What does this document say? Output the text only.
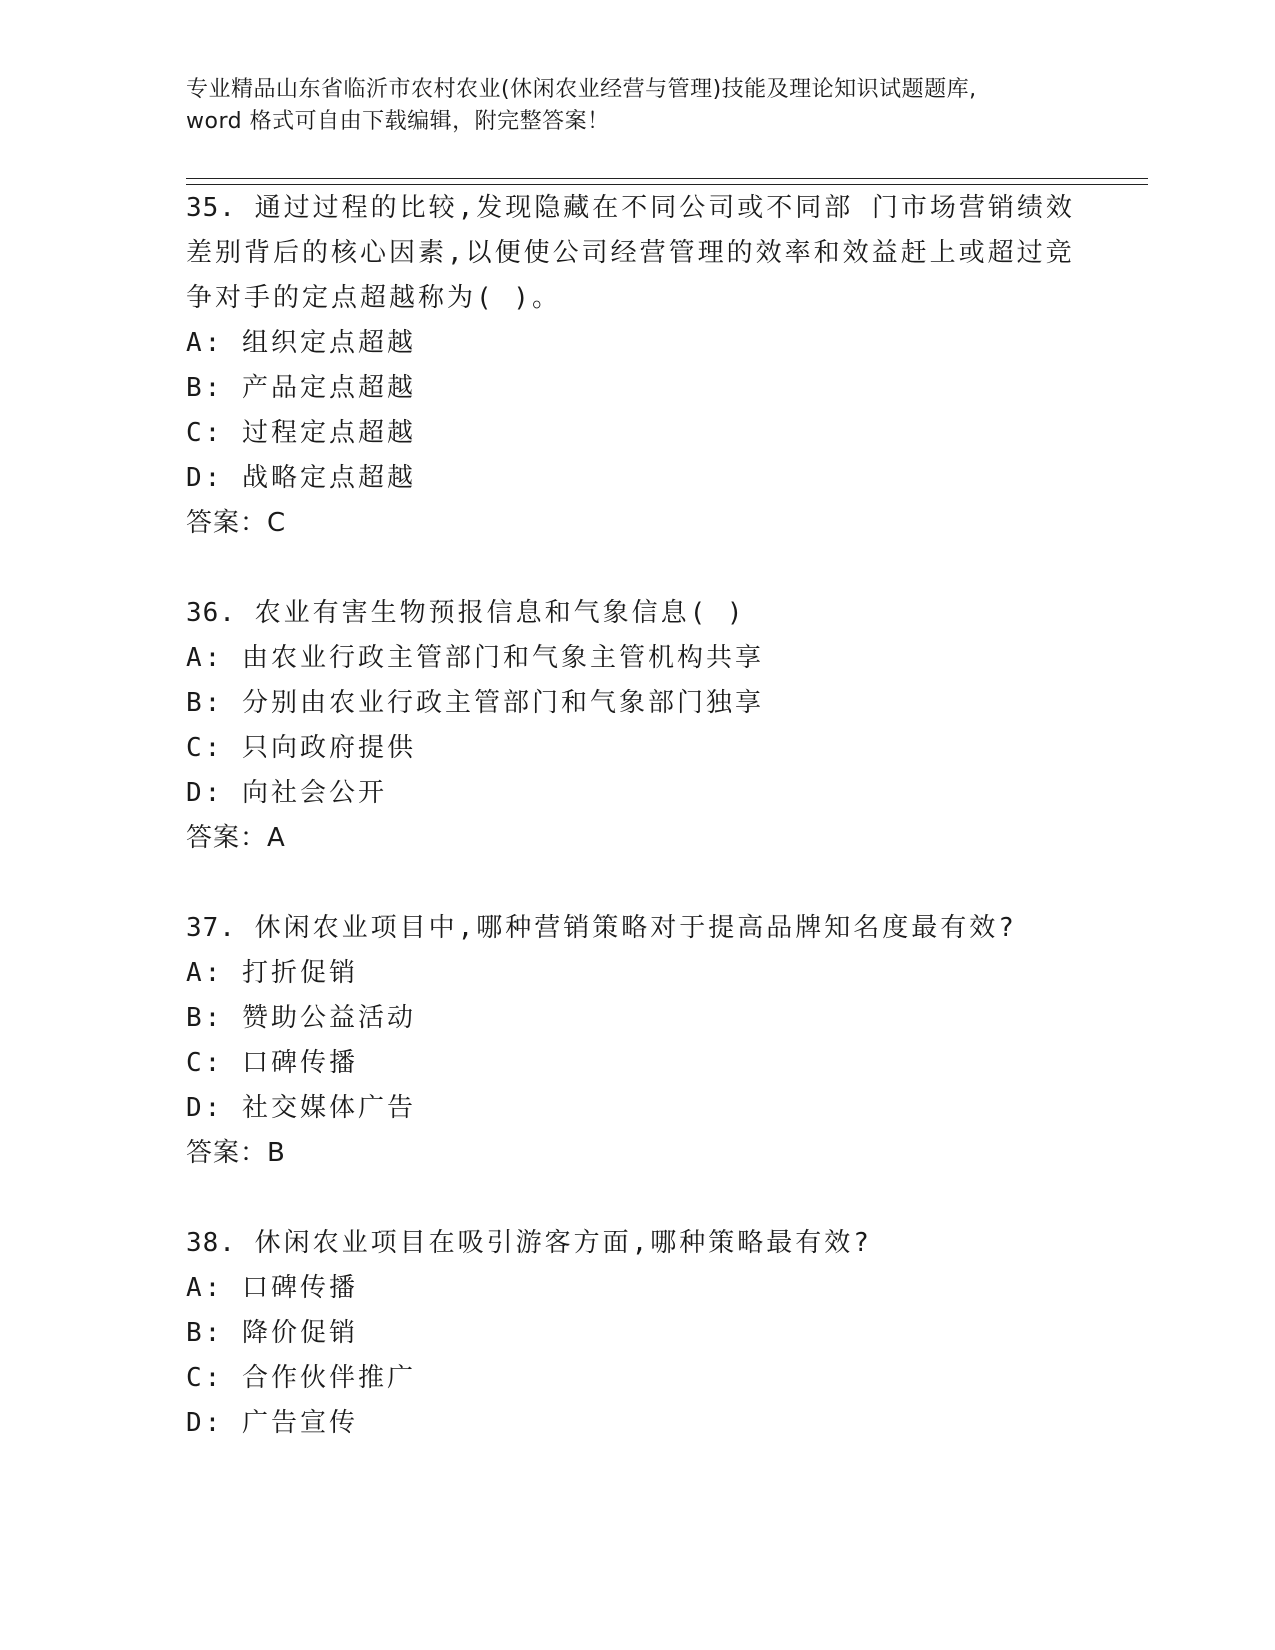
专业精品山东省临沂市农村农业(休闲农业经营与管理)技能及理论知识试题题库,
word 格式可自由下载编辑，附完整答案！
35. 通过过程的比较,发现隐藏在不同公司或不同部 门市场营销绩效
差别背后的核心因素,以便使公司经营管理的效率和效益赶上或超过竞
争对手的定点超越称为( )。
A: 组织定点超越
B: 产品定点超越
C: 过程定点超越
D: 战略定点超越
答案：C
36. 农业有害生物预报信息和气象信息( )
A: 由农业行政主管部门和气象主管机构共享
B: 分别由农业行政主管部门和气象部门独享
C: 只向政府提供
D: 向社会公开
答案：A
37. 休闲农业项目中,哪种营销策略对于提高品牌知名度最有效?
A: 打折促销
B: 赞助公益活动
C: 口碑传播
D: 社交媒体广告
答案：B
38. 休闲农业项目在吸引游客方面,哪种策略最有效?
A: 口碑传播
B: 降价促销
C: 合作伙伴推广
D: 广告宣传
